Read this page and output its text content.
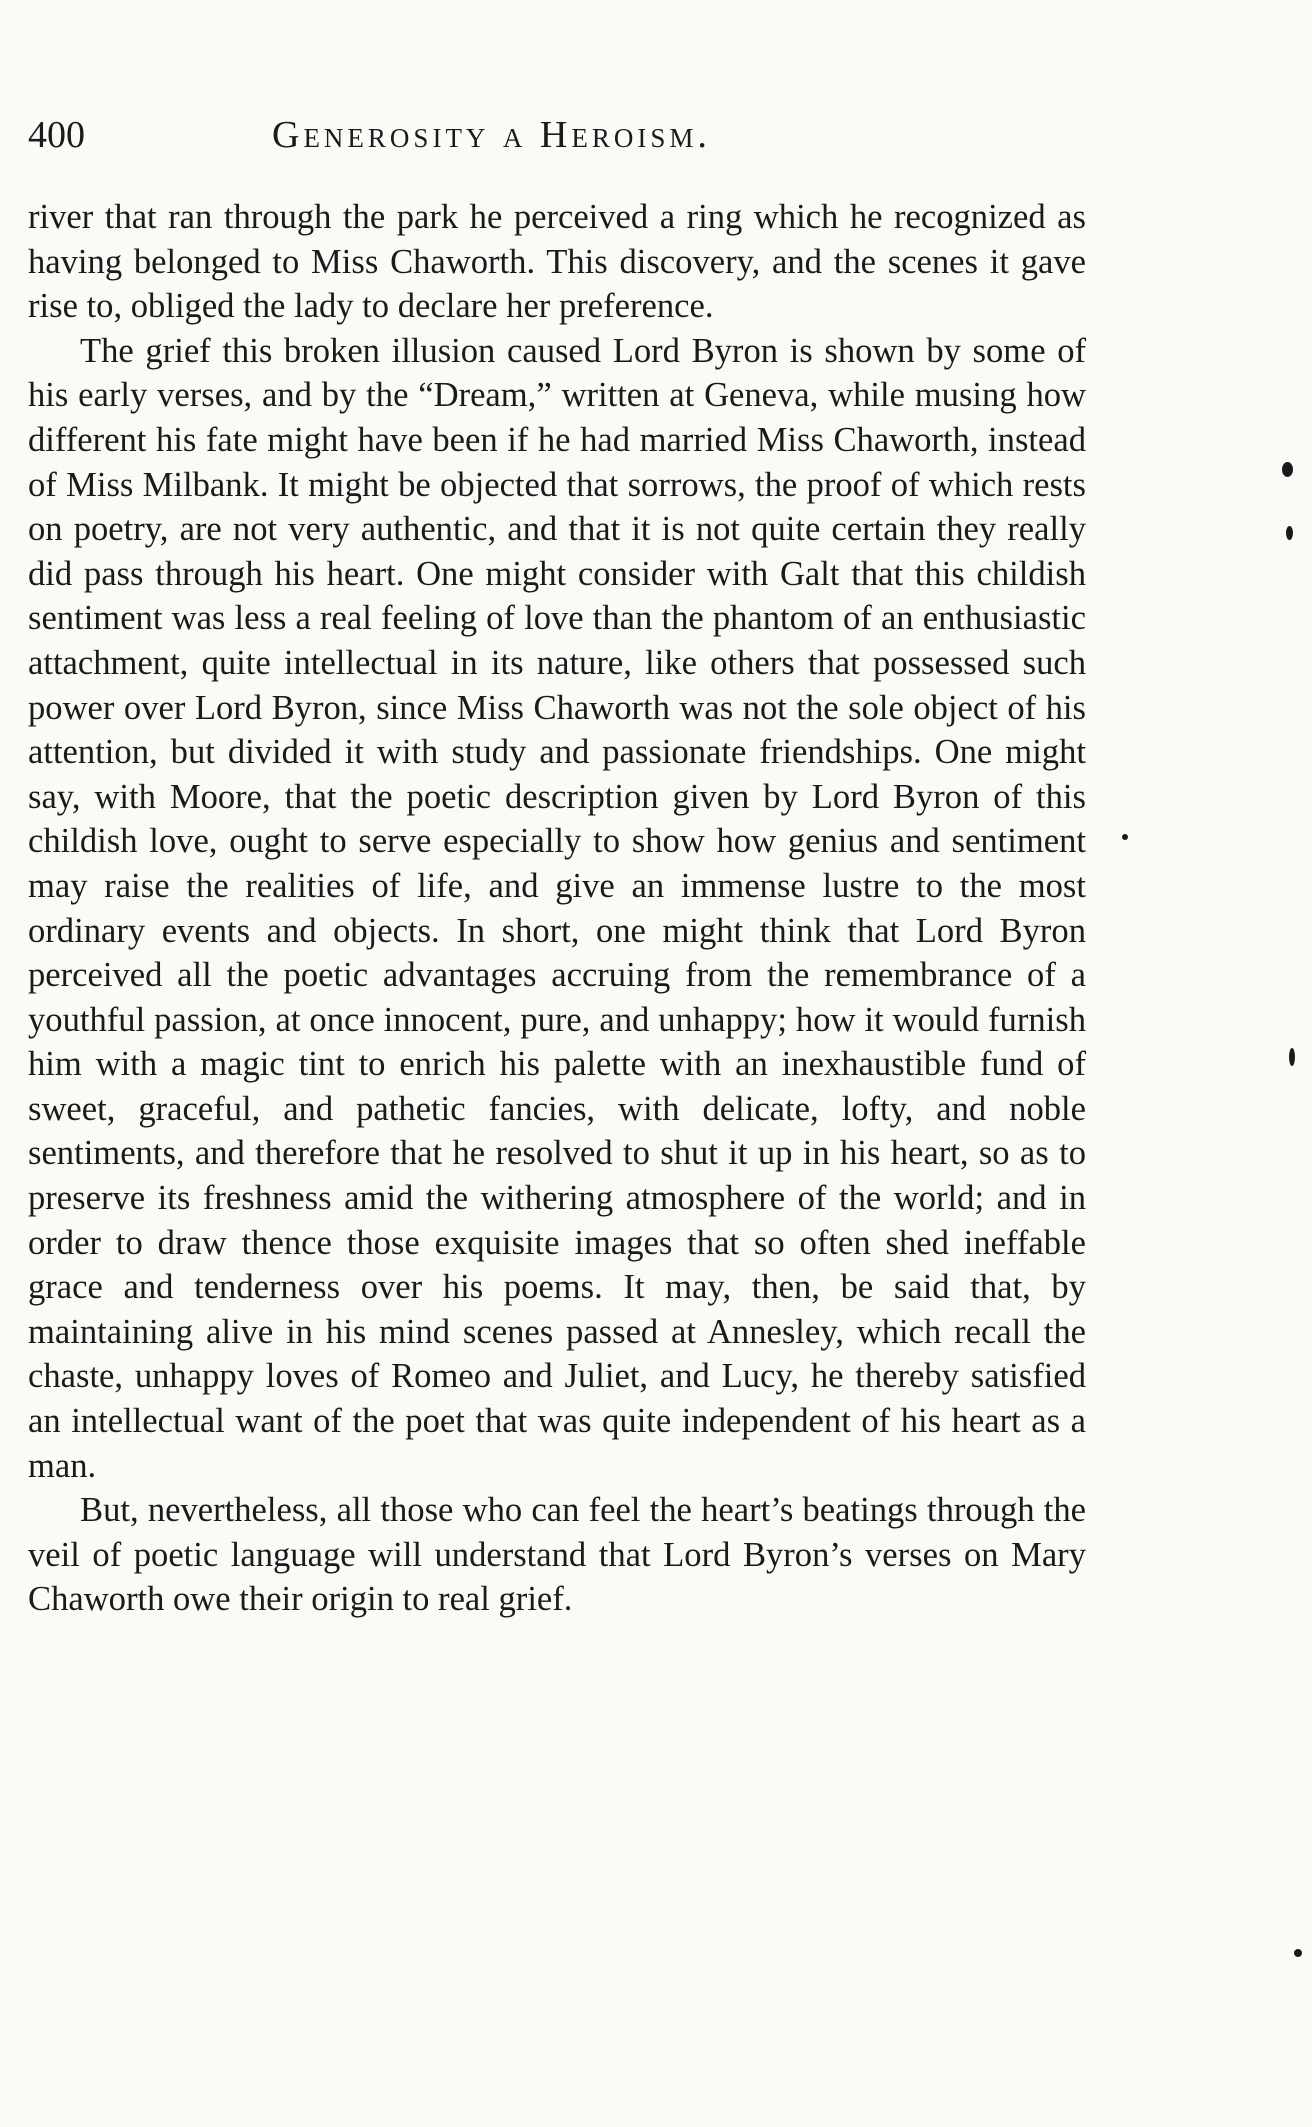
400	Generosity a Heroism.

river that ran through the park he perceived a ring which he recognized as having belonged to Miss Chaworth. This discovery, and the scenes it gave rise to, obliged the lady to declare her preference.

The grief this broken illusion caused Lord Byron is shown by some of his early verses, and by the “Dream,” written at Geneva, while musing how different his fate might have been if he had married Miss Chaworth, instead of Miss Milbank. It might be objected that sorrows, the proof of which rests on poetry, are not very authentic, and that it is not quite certain they really did pass through his heart. One might consider with Galt that this childish sentiment was less a real feeling of love than the phantom of an enthusiastic attachment, quite intellectual in its nature, like others that possessed such power over Lord Byron, since Miss Chaworth was not the sole object of his attention, but divided it with study and passionate friendships. One might say, with Moore, that the poetic description given by Lord Byron of this childish love, ought to serve especially to show how genius and sentiment may raise the realities of life, and give an immense lustre to the most ordinary events and objects. In short, one might think that Lord Byron perceived all the poetic advantages accruing from the remembrance of a youthful passion, at once innocent, pure, and unhappy; how it would furnish him with a magic tint to enrich his palette with an inexhaustible fund of sweet, graceful, and pathetic fancies, with delicate, lofty, and noble sentiments, and therefore that he resolved to shut it up in his heart, so as to preserve its freshness amid the withering atmosphere of the world; and in order to draw thence those exquisite images that so often shed ineffable grace and tenderness over his poems. It may, then, be said that, by maintaining alive in his mind scenes passed at Annesley, which recall the chaste, unhappy loves of Romeo and Juliet, and Lucy, he thereby satisfied an intellectual want of the poet that was quite independent of his heart as a man.

But, nevertheless, all those who can feel the heart’s beatings through the veil of poetic language will understand that Lord Byron’s verses on Mary Chaworth owe their origin to real grief.
